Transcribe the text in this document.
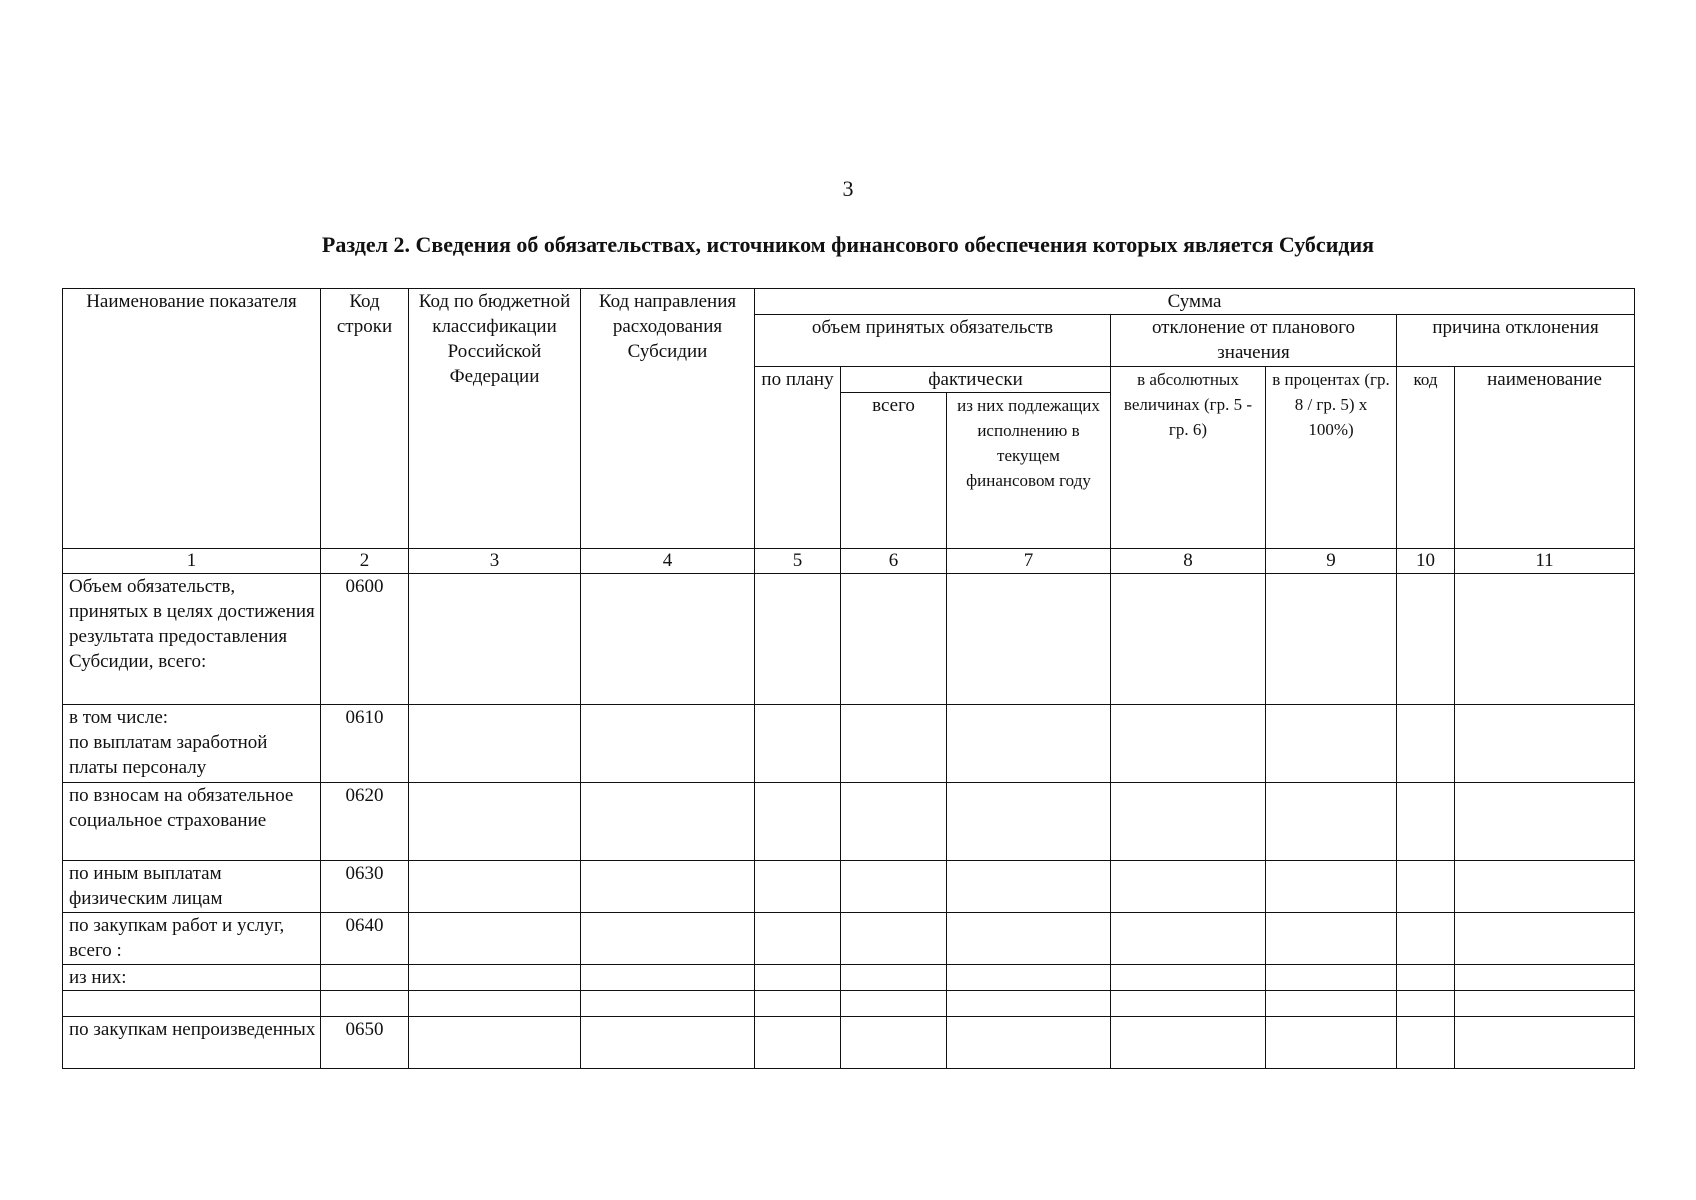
3
Раздел 2. Сведения об обязательствах, источником финансового обеспечения которых является Субсидия
Наименование показателя	Код строки	Код по бюджетной классификации Российской Федерации	Код направления расходования Субсидии	Сумма						
				объем принятых обязательств			отклонение от планового значения		причина отклонения	
				по плану	фактически		в абсолютных величинах (гр. 5 - гр. 6)	в процентах (гр. 8 / гр. 5) х 100%)	код	наименование
					всего	из них подлежащих исполнению в текущем финансовом году				
1	2	3	4	5	6	7	8	9	10	11
Объем обязательств, принятых в целях достижения результата предоставления Субсидии, всего:	0600									
в том числе:
по выплатам заработной платы персоналу	0610									
по взносам на обязательное социальное страхование	0620									
по иным выплатам физическим лицам	0630									
по закупкам работ и услуг, всего :	0640									
из них:										

по закупкам непроизведенных	0650									
